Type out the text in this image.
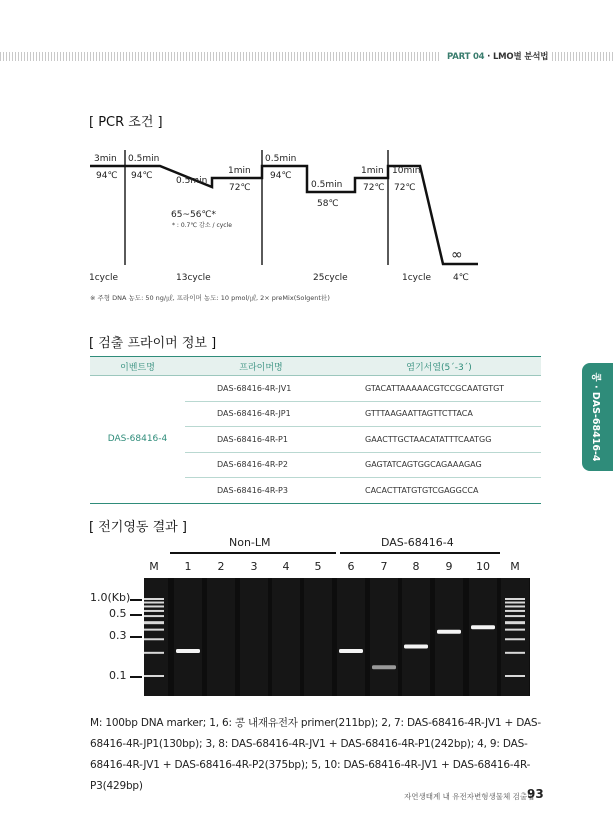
PART 04 · LMO별 분석법
[ PCR 조건 ]
3min 0.5min
0.5min
1min
0.5min
0.5min
1min 10min
∞
94℃ 94℃
65~56℃*
* : 0.7℃ 감소 / cycle
72℃
94℃
58℃
72℃ 72℃
4℃
1cycle	13cycle	25cycle	1cycle
※ 주형 DNA 농도: 50 ng/㎕, 프라이머 농도: 10 pmol/㎕, 2× preMix(Solgent社)
[ 검출 프라이머 정보 ]
이벤트명	프라이머명	염기서열(5´-3´)
DAS-68416-4	DAS-68416-4R-JV1	GTACATTAAAAACGTCCGCAATGTGT
	DAS-68416-4R-JP1	GTTTAAGAATTAGTTCTTACA
	DAS-68416-4R-P1	GAACTTGCTAACATATTTCAATGG
	DAS-68416-4R-P2	GAGTATCAGTGGCAGAAAGAG
	DAS-68416-4R-P3	CACACTTATGTGTCGAGGCCA
콩 · DAS-68416-4
[ 전기영동 결과 ]
Non-LM	DAS-68416-4
M	1	2	3	4	5	6	7	8	9	10	M
1.0(Kb)
0.5
0.3
0.1
M: 100bp DNA marker; 1, 6: 콩 내재유전자 primer(211bp); 2, 7: DAS-68416-4R-JV1 + DAS-68416-4R-JP1(130bp); 3, 8: DAS-68416-4R-JV1 + DAS-68416-4R-P1(242bp); 4, 9: DAS-68416-4R-JV1 + DAS-68416-4R-P2(375bp); 5, 10: DAS-68416-4R-JV1 + DAS-68416-4R-P3(429bp)
자연생태계 내 유전자변형생물체 검출법
93
